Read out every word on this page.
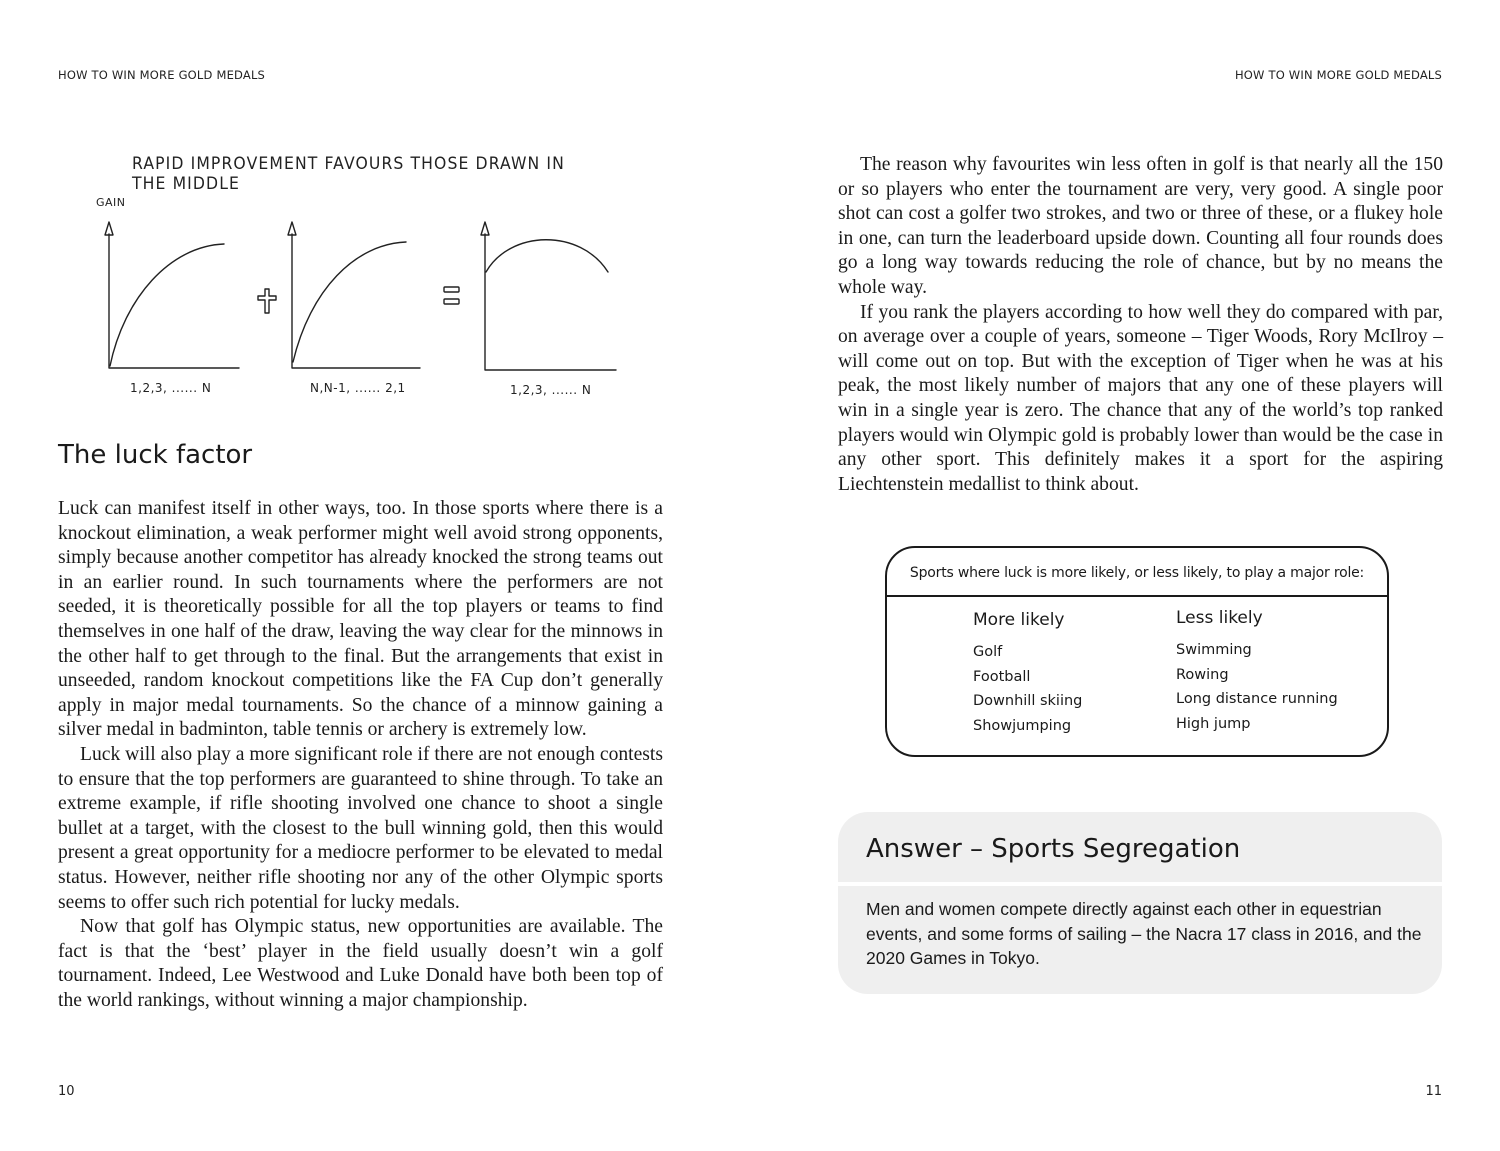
HOW TO WIN MORE GOLD MEDALS
RAPID IMPROVEMENT FAVOURS THOSE DRAWN IN THE MIDDLE
GAIN
1,2,3, ...... N	N,N-1, ...... 2,1	1,2,3, ...... N
The luck factor

Luck can manifest itself in other ways, too. In those sports where there is a knockout elimination, a weak performer might well avoid strong opponents, simply because another competitor has already knocked the strong teams out in an earlier round. In such tournaments where the performers are not seeded, it is theoretically possible for all the top players or teams to find themselves in one half of the draw, leaving the way clear for the minnows in the other half to get through to the final. But the arrangements that exist in unseeded, random knockout competitions like the FA Cup don’t generally apply in major medal tournaments. So the chance of a minnow gaining a silver medal in badminton, table tennis or archery is extremely low.

Luck will also play a more significant role if there are not enough contests to ensure that the top performers are guaranteed to shine through. To take an extreme example, if rifle shooting involved one chance to shoot a single bullet at a target, with the closest to the bull winning gold, then this would present a great opportunity for a mediocre performer to be elevated to medal status. However, neither rifle shooting nor any of the other Olympic sports seems to offer such rich potential for lucky medals.

Now that golf has Olympic status, new opportunities are available. The fact is that the ‘best’ player in the field usually doesn’t win a golf tournament. Indeed, Lee Westwood and Luke Donald have both been top of the world rankings, without winning a major championship.

10
HOW TO WIN MORE GOLD MEDALS

The reason why favourites win less often in golf is that nearly all the 150 or so players who enter the tournament are very, very good. A single poor shot can cost a golfer two strokes, and two or three of these, or a flukey hole in one, can turn the leaderboard upside down. Counting all four rounds does go a long way towards reducing the role of chance, but by no means the whole way.

If you rank the players according to how well they do compared with par, on average over a couple of years, someone – Tiger Woods, Rory McIlroy – will come out on top. But with the exception of Tiger when he was at his peak, the most likely number of majors that any one of these players will win in a single year is zero. The chance that any of the world’s top ranked players would win Olympic gold is probably lower than would be the case in any other sport. This definitely makes it a sport for the aspiring Liechtenstein medallist to think about.

Sports where luck is more likely, or less likely, to play a major role:
More likely
Golf
Football
Downhill skiing
Showjumping
Less likely
Swimming
Rowing
Long distance running
High jump
Answer – Sports Segregation

Men and women compete directly against each other in equestrian events, and some forms of sailing – the Nacra 17 class in 2016, and the 2020 Games in Tokyo.

11
